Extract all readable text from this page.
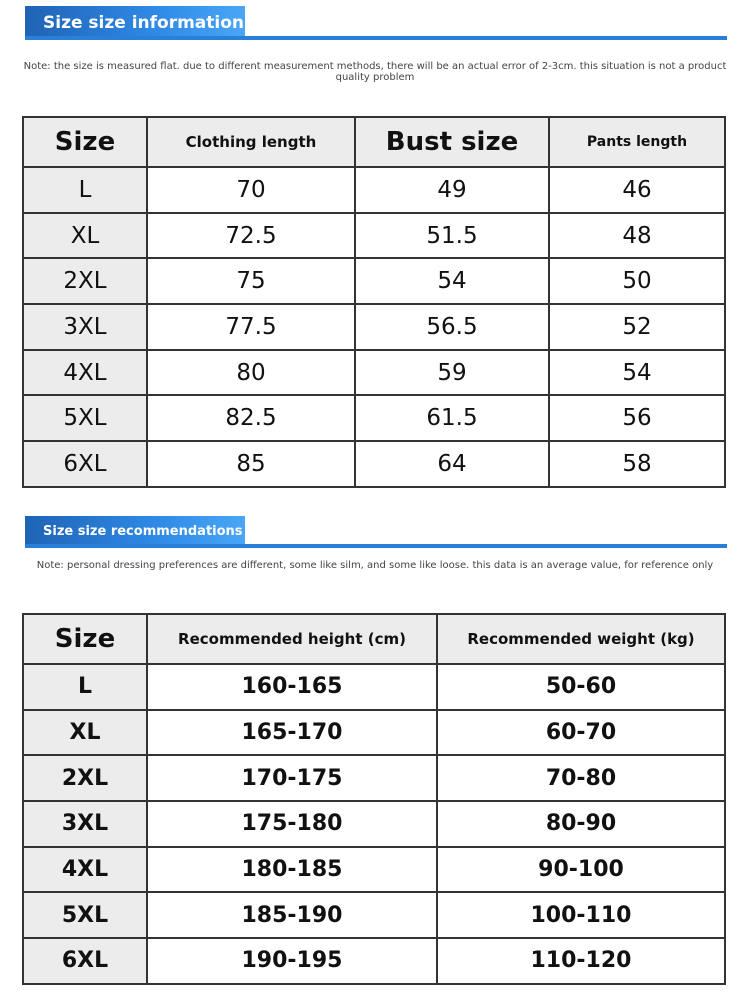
Size size information
Note: the size is measured flat. due to different measurement methods, there will be an actual error of 2-3cm. this situation is not a product quality problem
Size	Clothing length	Bust size	Pants length
L	70	49	46
XL	72.5	51.5	48
2XL	75	54	50
3XL	77.5	56.5	52
4XL	80	59	54
5XL	82.5	61.5	56
6XL	85	64	58
Size size recommendations
Note: personal dressing preferences are different, some like silm, and some like loose. this data is an average value, for reference only
Size	Recommended height (cm)	Recommended weight (kg)
L	160-165	50-60
XL	165-170	60-70
2XL	170-175	70-80
3XL	175-180	80-90
4XL	180-185	90-100
5XL	185-190	100-110
6XL	190-195	110-120
